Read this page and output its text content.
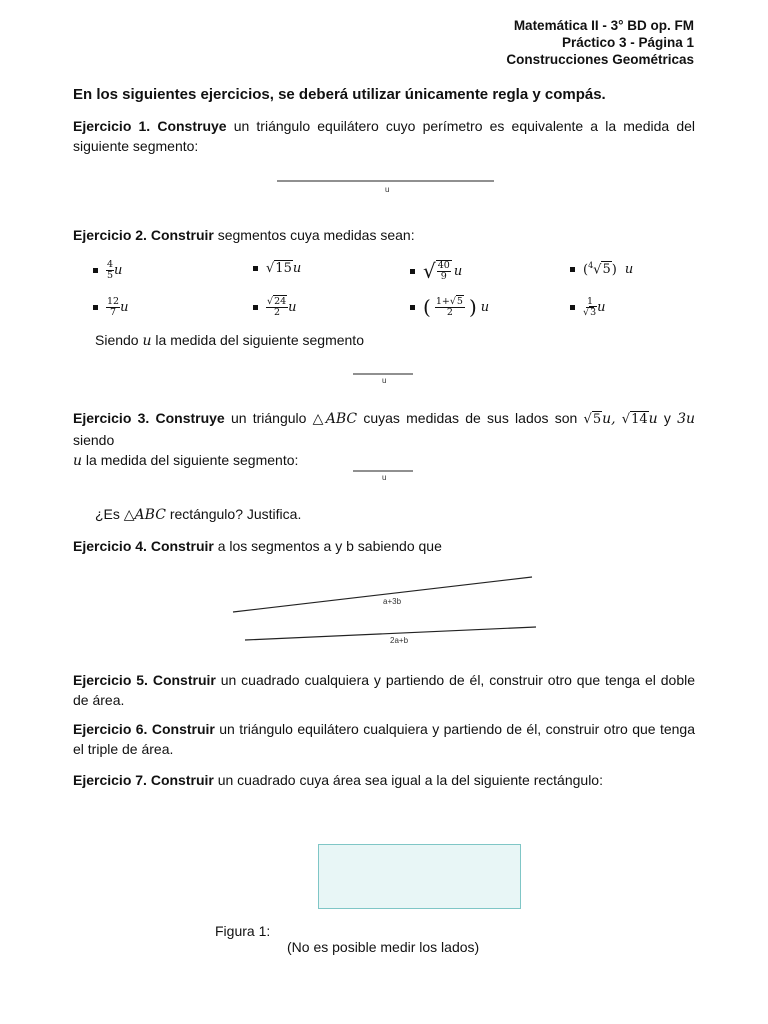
Matemática II - 3° BD op. FM
Práctico 3 - Página 1
Construcciones Geométricas
En los siguientes ejercicios, se deberá utilizar únicamente regla y compás.
Ejercicio 1. Construye un triángulo equilátero cuyo perímetro es equivalente a la medida del siguiente segmento:
u
Ejercicio 2. Construir segmentos cuya medidas sean:
$\frac{4}{5}$ u	√15u	√ $\frac{40}{9}$ u	($^4$√5) u
$\frac{12}{7}$ u	$\frac{√24}{2}$ u	( $\frac{1+√5}{2}$ ) u	$\frac{1}{√3}$ u
Siendo u la medida del siguiente segmento
u
Ejercicio 3. Construye un triángulo △ABC cuyas medidas de sus lados son √5u, √14u y 3u siendo
u la medida del siguiente segmento:
u
¿Es △ABC rectángulo? Justifica.
Ejercicio 4. Construir a los segmentos a y b sabiendo que
a+3b
2a+b
Ejercicio 5. Construir un cuadrado cualquiera y partiendo de él, construir otro que tenga el doble de área.
Ejercicio 6. Construir un triángulo equilátero cualquiera y partiendo de él, construir otro que tenga el triple de área.
Ejercicio 7. Construir un cuadrado cuya área sea igual a la del siguiente rectángulo:
Figura 1:
(No es posible medir los lados)
